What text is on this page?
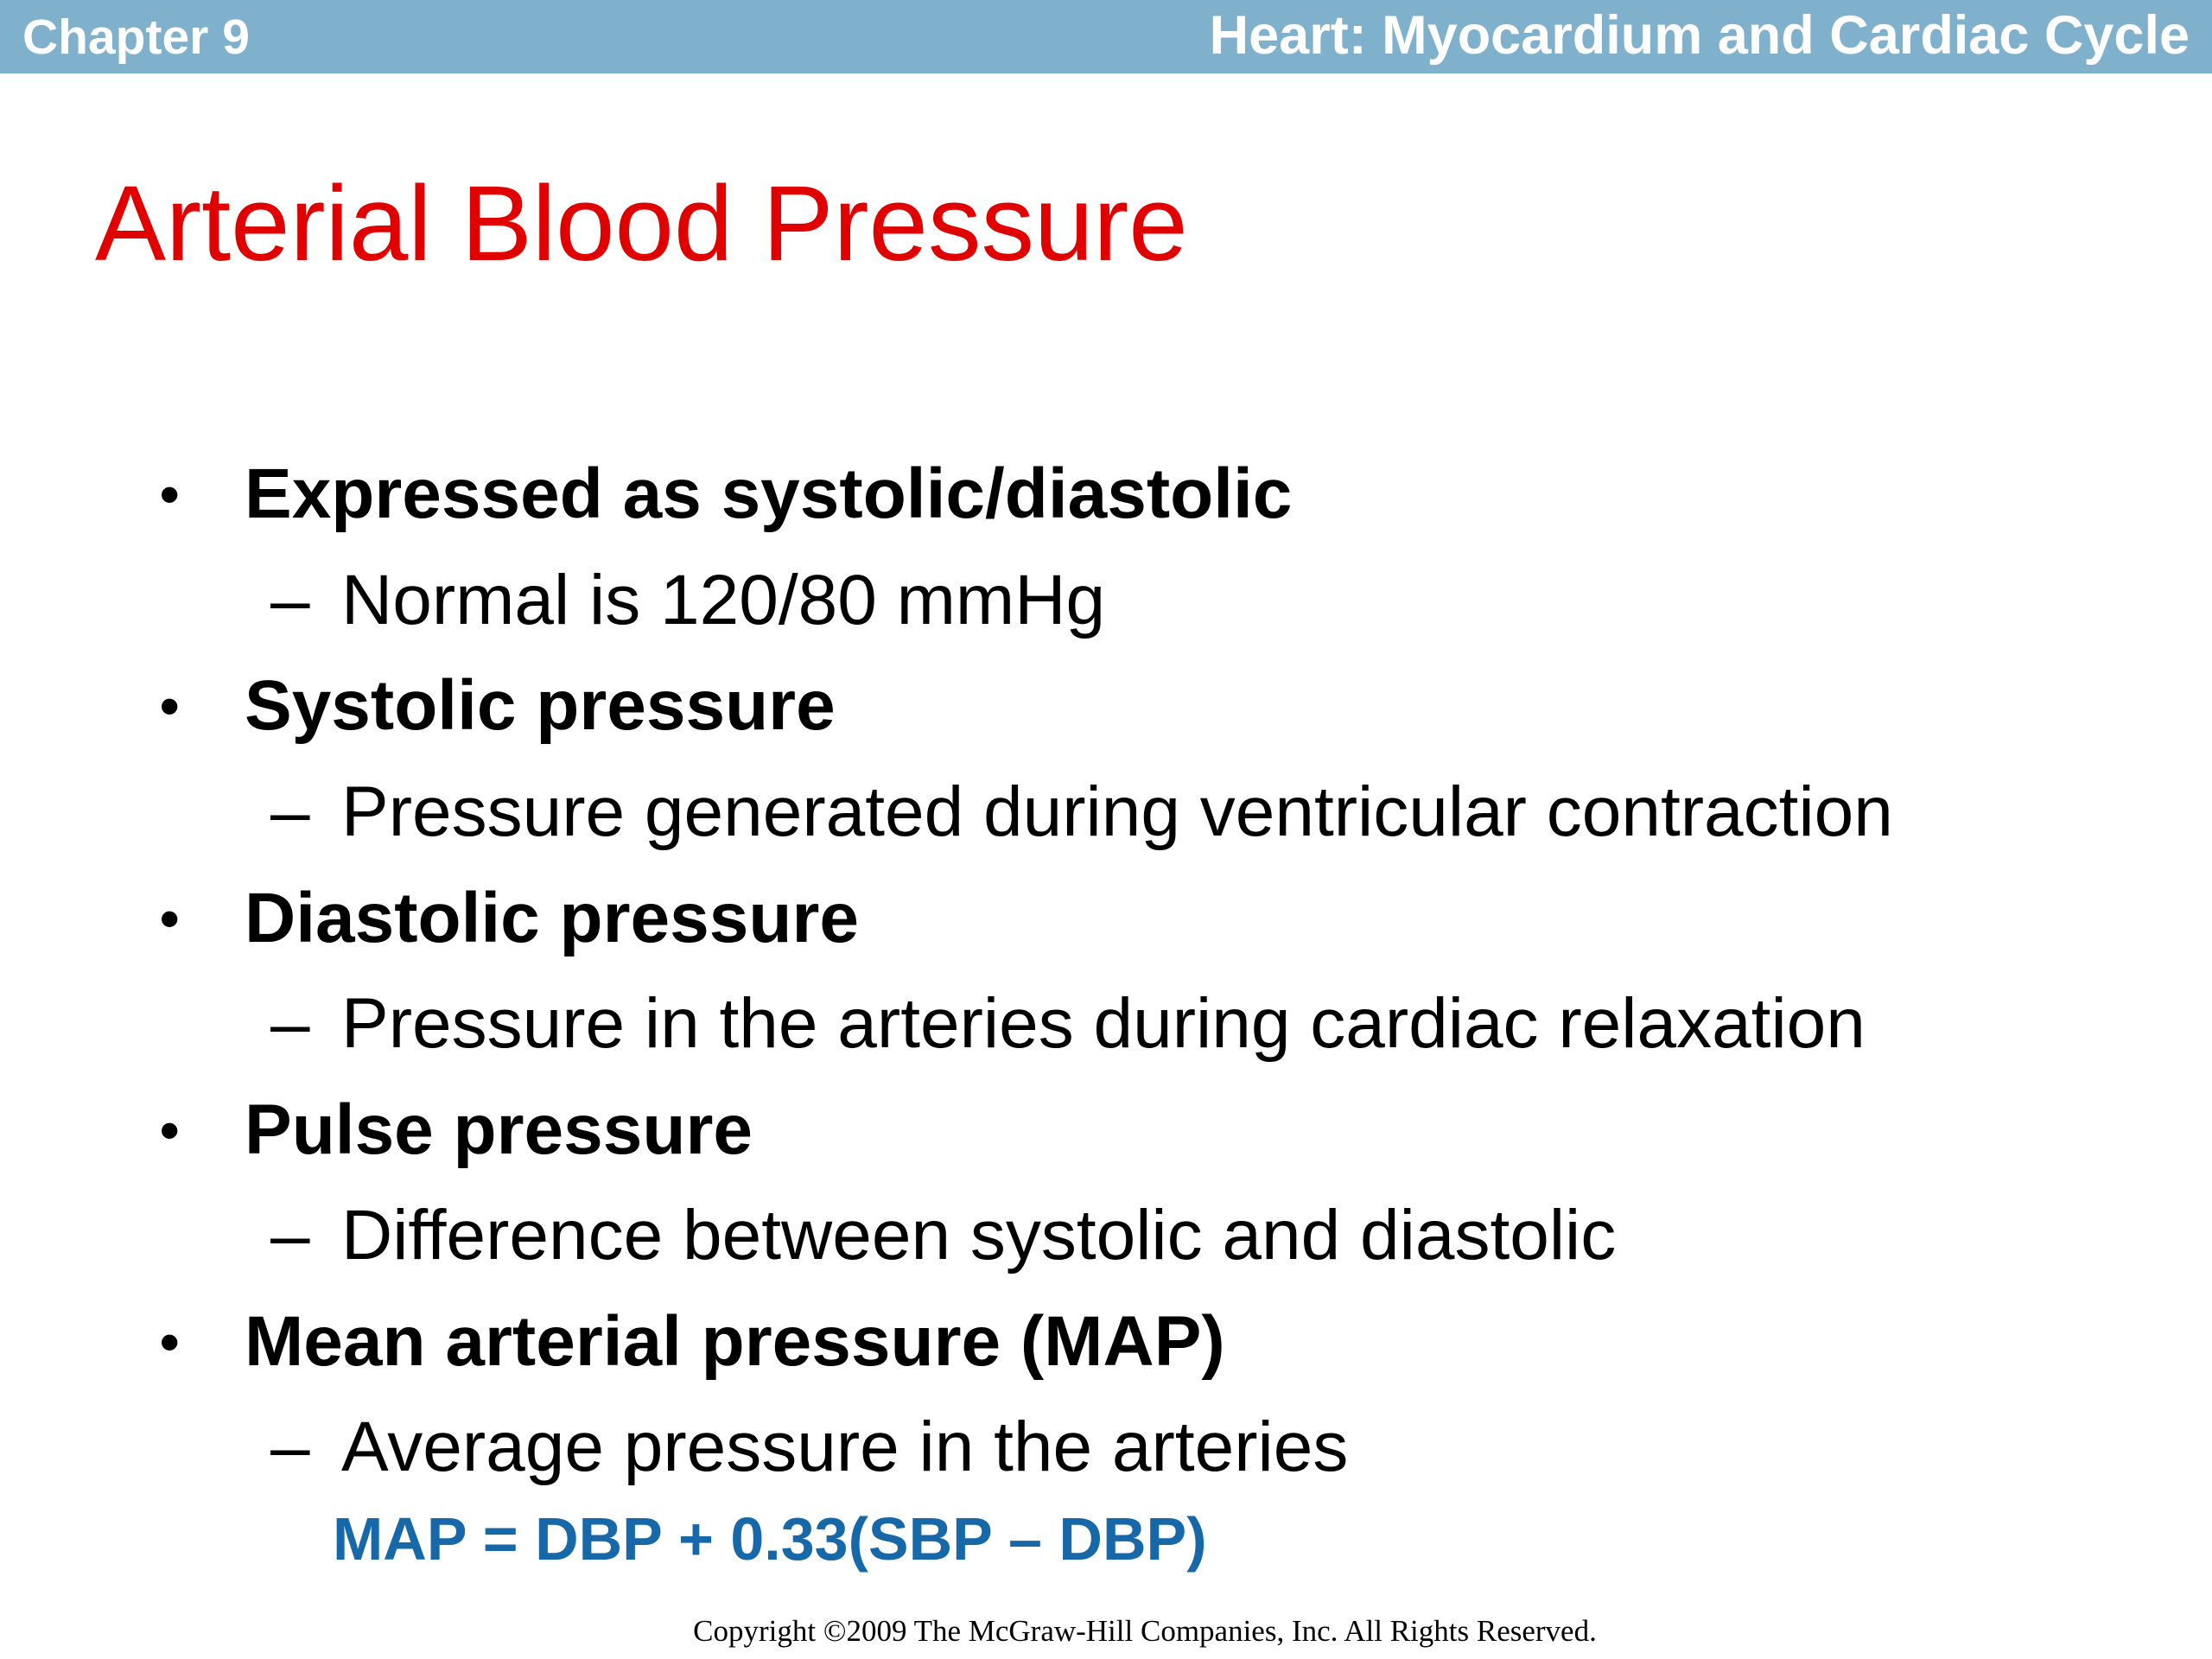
Chapter 9	Heart: Myocardium and Cardiac Cycle
Arterial Blood Pressure
• Expressed as systolic/diastolic
– Normal is 120/80 mmHg
• Systolic pressure
– Pressure generated during ventricular contraction
• Diastolic pressure
– Pressure in the arteries during cardiac relaxation
• Pulse pressure
– Difference between systolic and diastolic
• Mean arterial pressure (MAP)
– Average pressure in the arteries
MAP = DBP + 0.33(SBP – DBP)
Copyright ©2009 The McGraw-Hill Companies, Inc. All Rights Reserved.
